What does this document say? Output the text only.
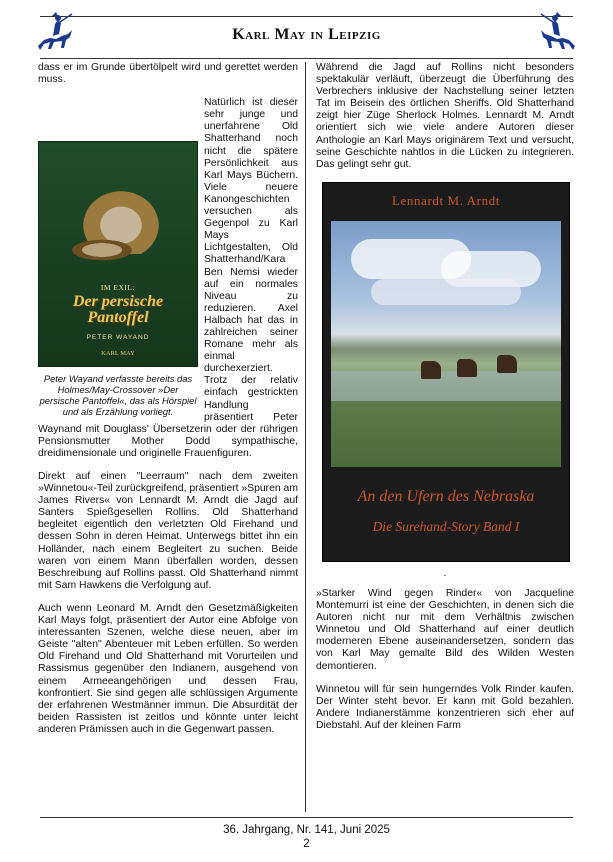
Karl May in Leipzig

dass er im Grunde übertölpelt wird und gerettet werden muss.

IM EXIL:
Der persische Pantoffel
PETER WAYAND
KARL MAY
Peter Wayand verfasste bereits das Holmes/May-Crossover »Der persische Pantoffel«, das als Hörspiel und als Erzählung vorliegt.

Natürlich ist dieser sehr junge und unerfahrene Old Shatterhand noch nicht die spätere Persönlichkeit aus Karl Mays Büchern. Viele neuere Kanongeschichten versuchen als Gegenpol zu Karl Mays Lichtgestalten, Old Shatterhand/Kara Ben Nemsi wieder auf ein normales Niveau zu reduzieren. Axel Halbach hat das in zahlreichen seiner Romane mehr als einmal durchexerziert. Trotz der relativ einfach gestrickten Handlung präsentiert Peter Waynand mit Douglass' Übersetzerin oder der rührigen Pensionsmutter Mother Dodd sympathische, dreidimensionale und originelle Frauenfiguren.

Direkt auf einen "Leerraum" nach dem zweiten »Winnetou«-Teil zurückgreifend, präsentiert »Spuren am James Rivers« von Lennardt M. Arndt die Jagd auf Santers Spießgesellen Rollins. Old Shatterhand begleitet eigentlich den verletzten Old Firehand und dessen Sohn in deren Heimat. Unterwegs bittet ihn ein Holländer, nach einem Begleitert zu suchen. Beide waren von einem Mann überfallen worden, dessen Beschreibung auf Rollins passt. Old Shatterhand nimmt mit Sam Hawkens die Verfolgung auf.

Auch wenn Leonard M. Arndt den Gesetzmäßigkeiten Karl Mays folgt, präsentiert der Autor eine Abfolge von interessanten Szenen, welche diese neuen, aber im Geiste "alten" Abenteuer mit Leben erfüllen. So werden Old Firehand und Old Shatterhand mit Vorurteilen und Rassismus gegenüber den Indianern, ausgehend von einem Armeeangehörigen und dessen Frau, konfrontiert. Sie sind gegen alle schlüssigen Argumente der erfahrenen Westmänner immun. Die Absurdität der beiden Rassisten ist zeitlos und könnte unter leicht anderen Prämissen auch in die Gegenwart passen.

Während die Jagd auf Rollins nicht besonders spektakulär verläuft, überzeugt die Überführung des Verbrechers inklusive der Nachstellung seiner letzten Tat im Beisein des örtlichen Sheriffs. Old Shatterhand zeigt hier Züge Sherlock Holmes. Lennardt M. Arndt orientiert sich wie viele andere Autoren dieser Anthologie an Karl Mays originärem Text und versucht, seine Geschichte nahtlos in die Lücken zu integrieren. Das gelingt sehr gut.

Lennardt M. Arndt
An den Ufern des Nebraska
Die Surehand-Story Band I
.

»Starker Wind gegen Rinder« von Jacqueline Montemurri ist eine der Geschichten, in denen sich die Autoren nicht nur mit dem Verhältnis zwischen Winnetou und Old Shatterhand auf einer deutlich moderneren Ebene auseinandersetzen, sondern das von Karl May gemalte Bild des Wilden Westen demontieren.

Winnetou will für sein hungerndes Volk Rinder kaufen. Der Winter steht bevor. Er kann mit Gold bezahlen. Andere Indianerstämme konzentrieren sich eher auf Diebstahl. Auf der kleinen Farm

36. Jahrgang, Nr. 141, Juni 2025
2
